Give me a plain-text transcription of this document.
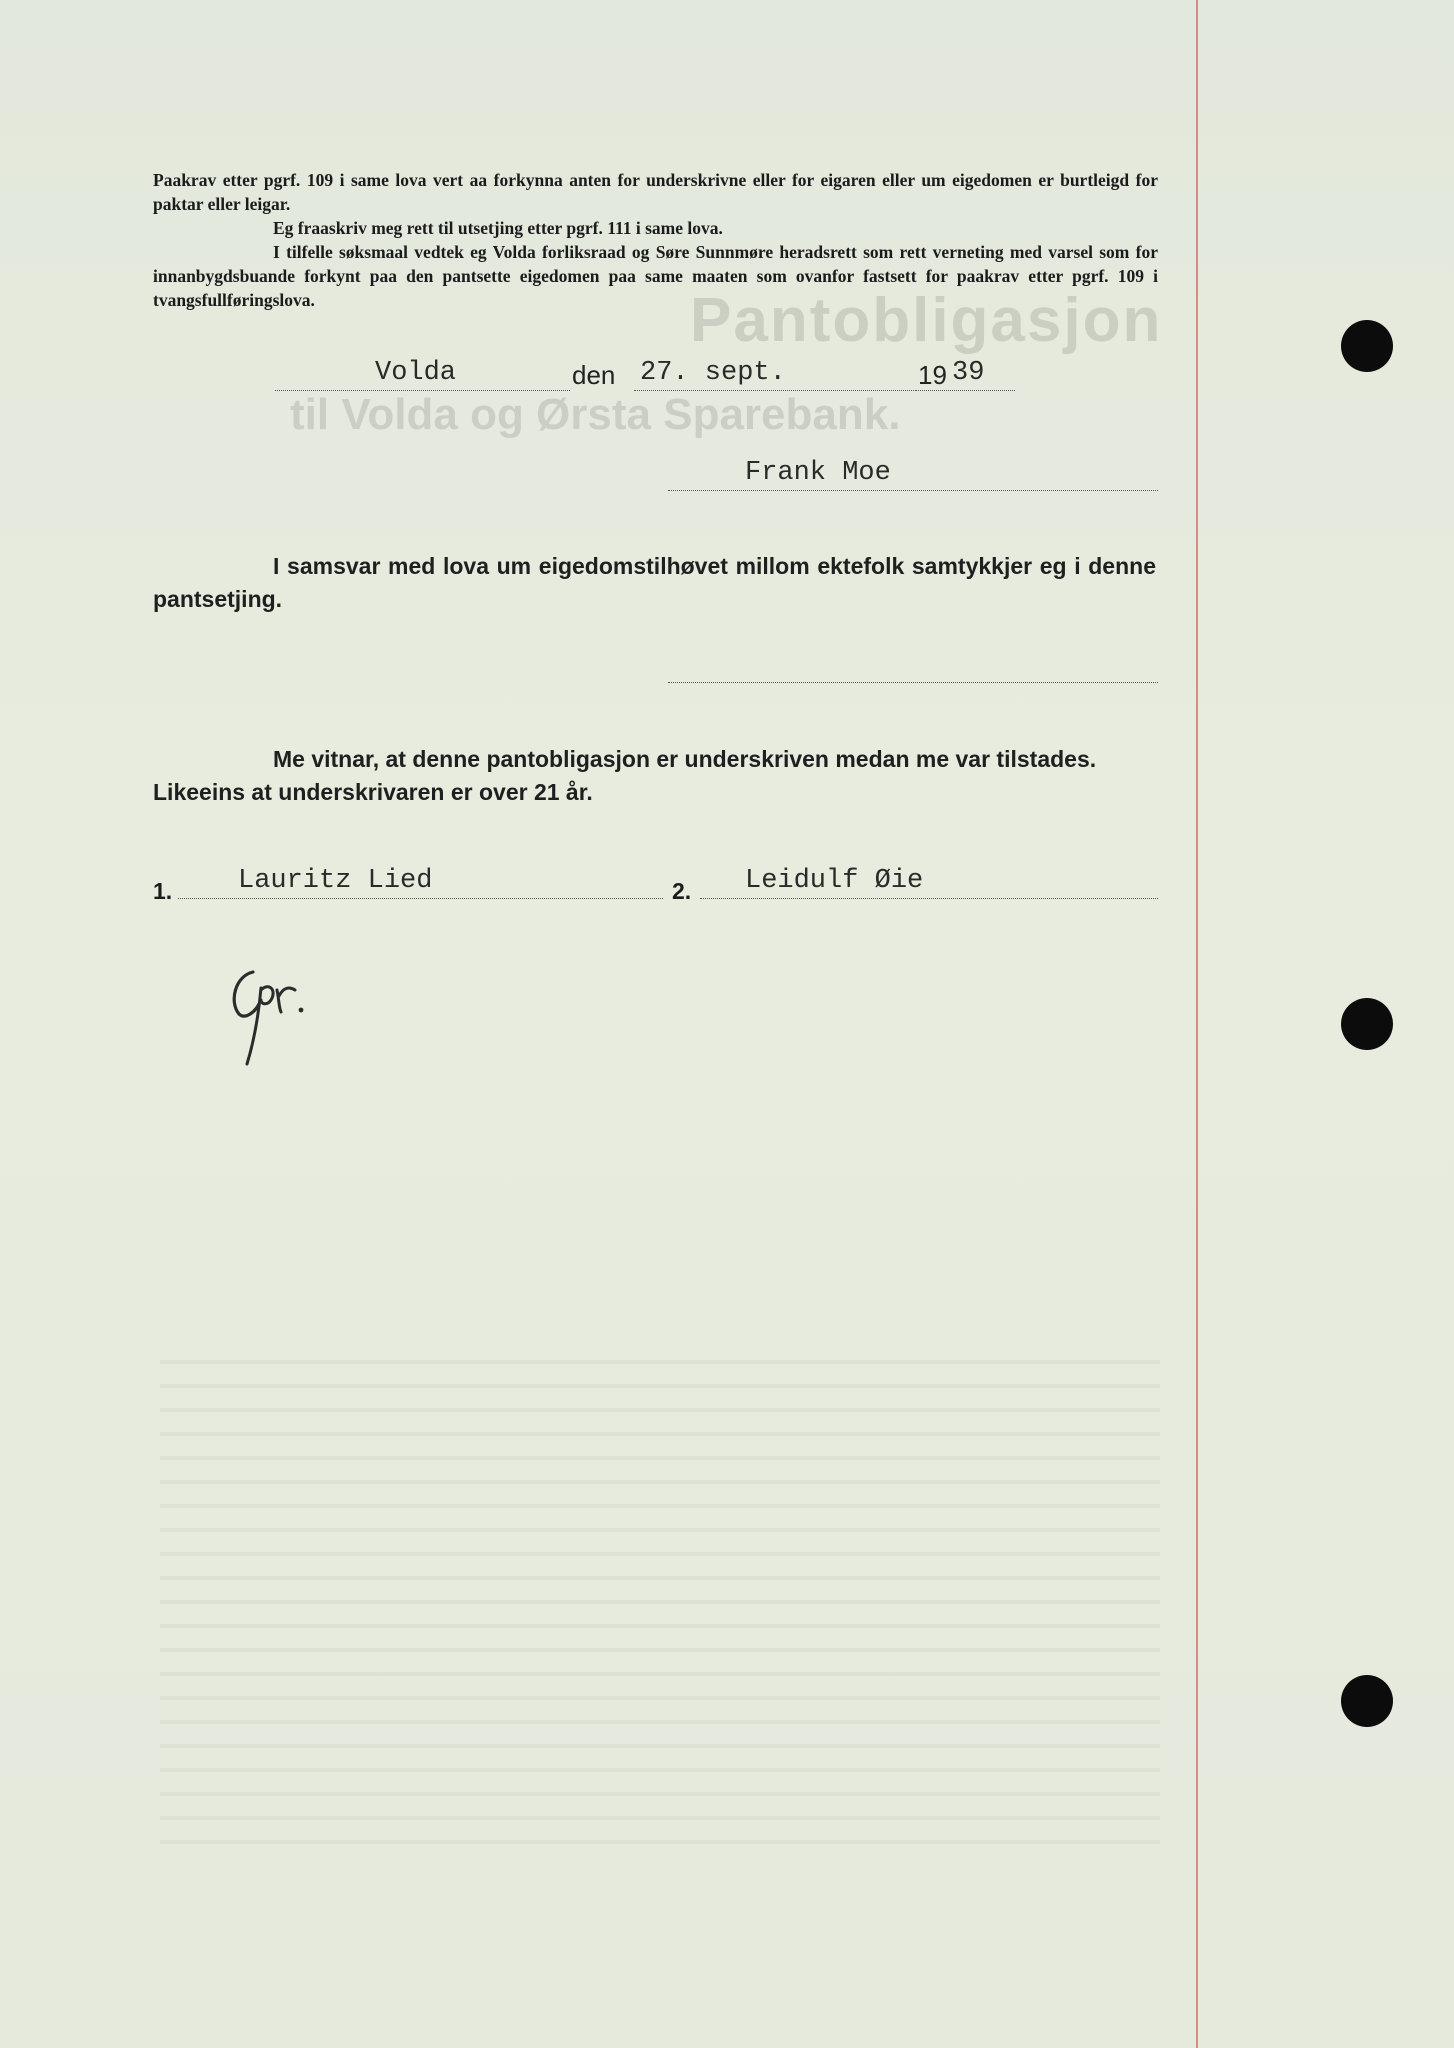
Pantobligasjon
til Volda og Ørsta Sparebank.

Paakrav etter pgrf. 109 i same lova vert aa forkynna anten for underskrivne eller for eigaren eller um eigedomen er burtleigd for paktar eller leigar.

Eg fraaskriv meg rett til utsetjing etter pgrf. 111 i same lova.

I tilfelle søksmaal vedtek eg Volda forliksraad og Søre Sunnmøre heradsrett som rett verneting med varsel som for innanbygdsbuande forkynt paa den pantsette eigedomen paa same maaten som ovanfor fastsett for paakrav etter pgrf. 109 i tvangsfullføringslova.

Volda	den 27. sept.	19 39
Frank Moe

I samsvar med lova um eigedomstilhøvet millom ektefolk samtykkjer eg i denne pantsetjing.

Me vitnar, at denne pantobligasjon er underskriven medan me var tilstades.

Likeeins at underskrivaren er over 21 år.

1. Lauritz Lied	2. Leidulf Øie
